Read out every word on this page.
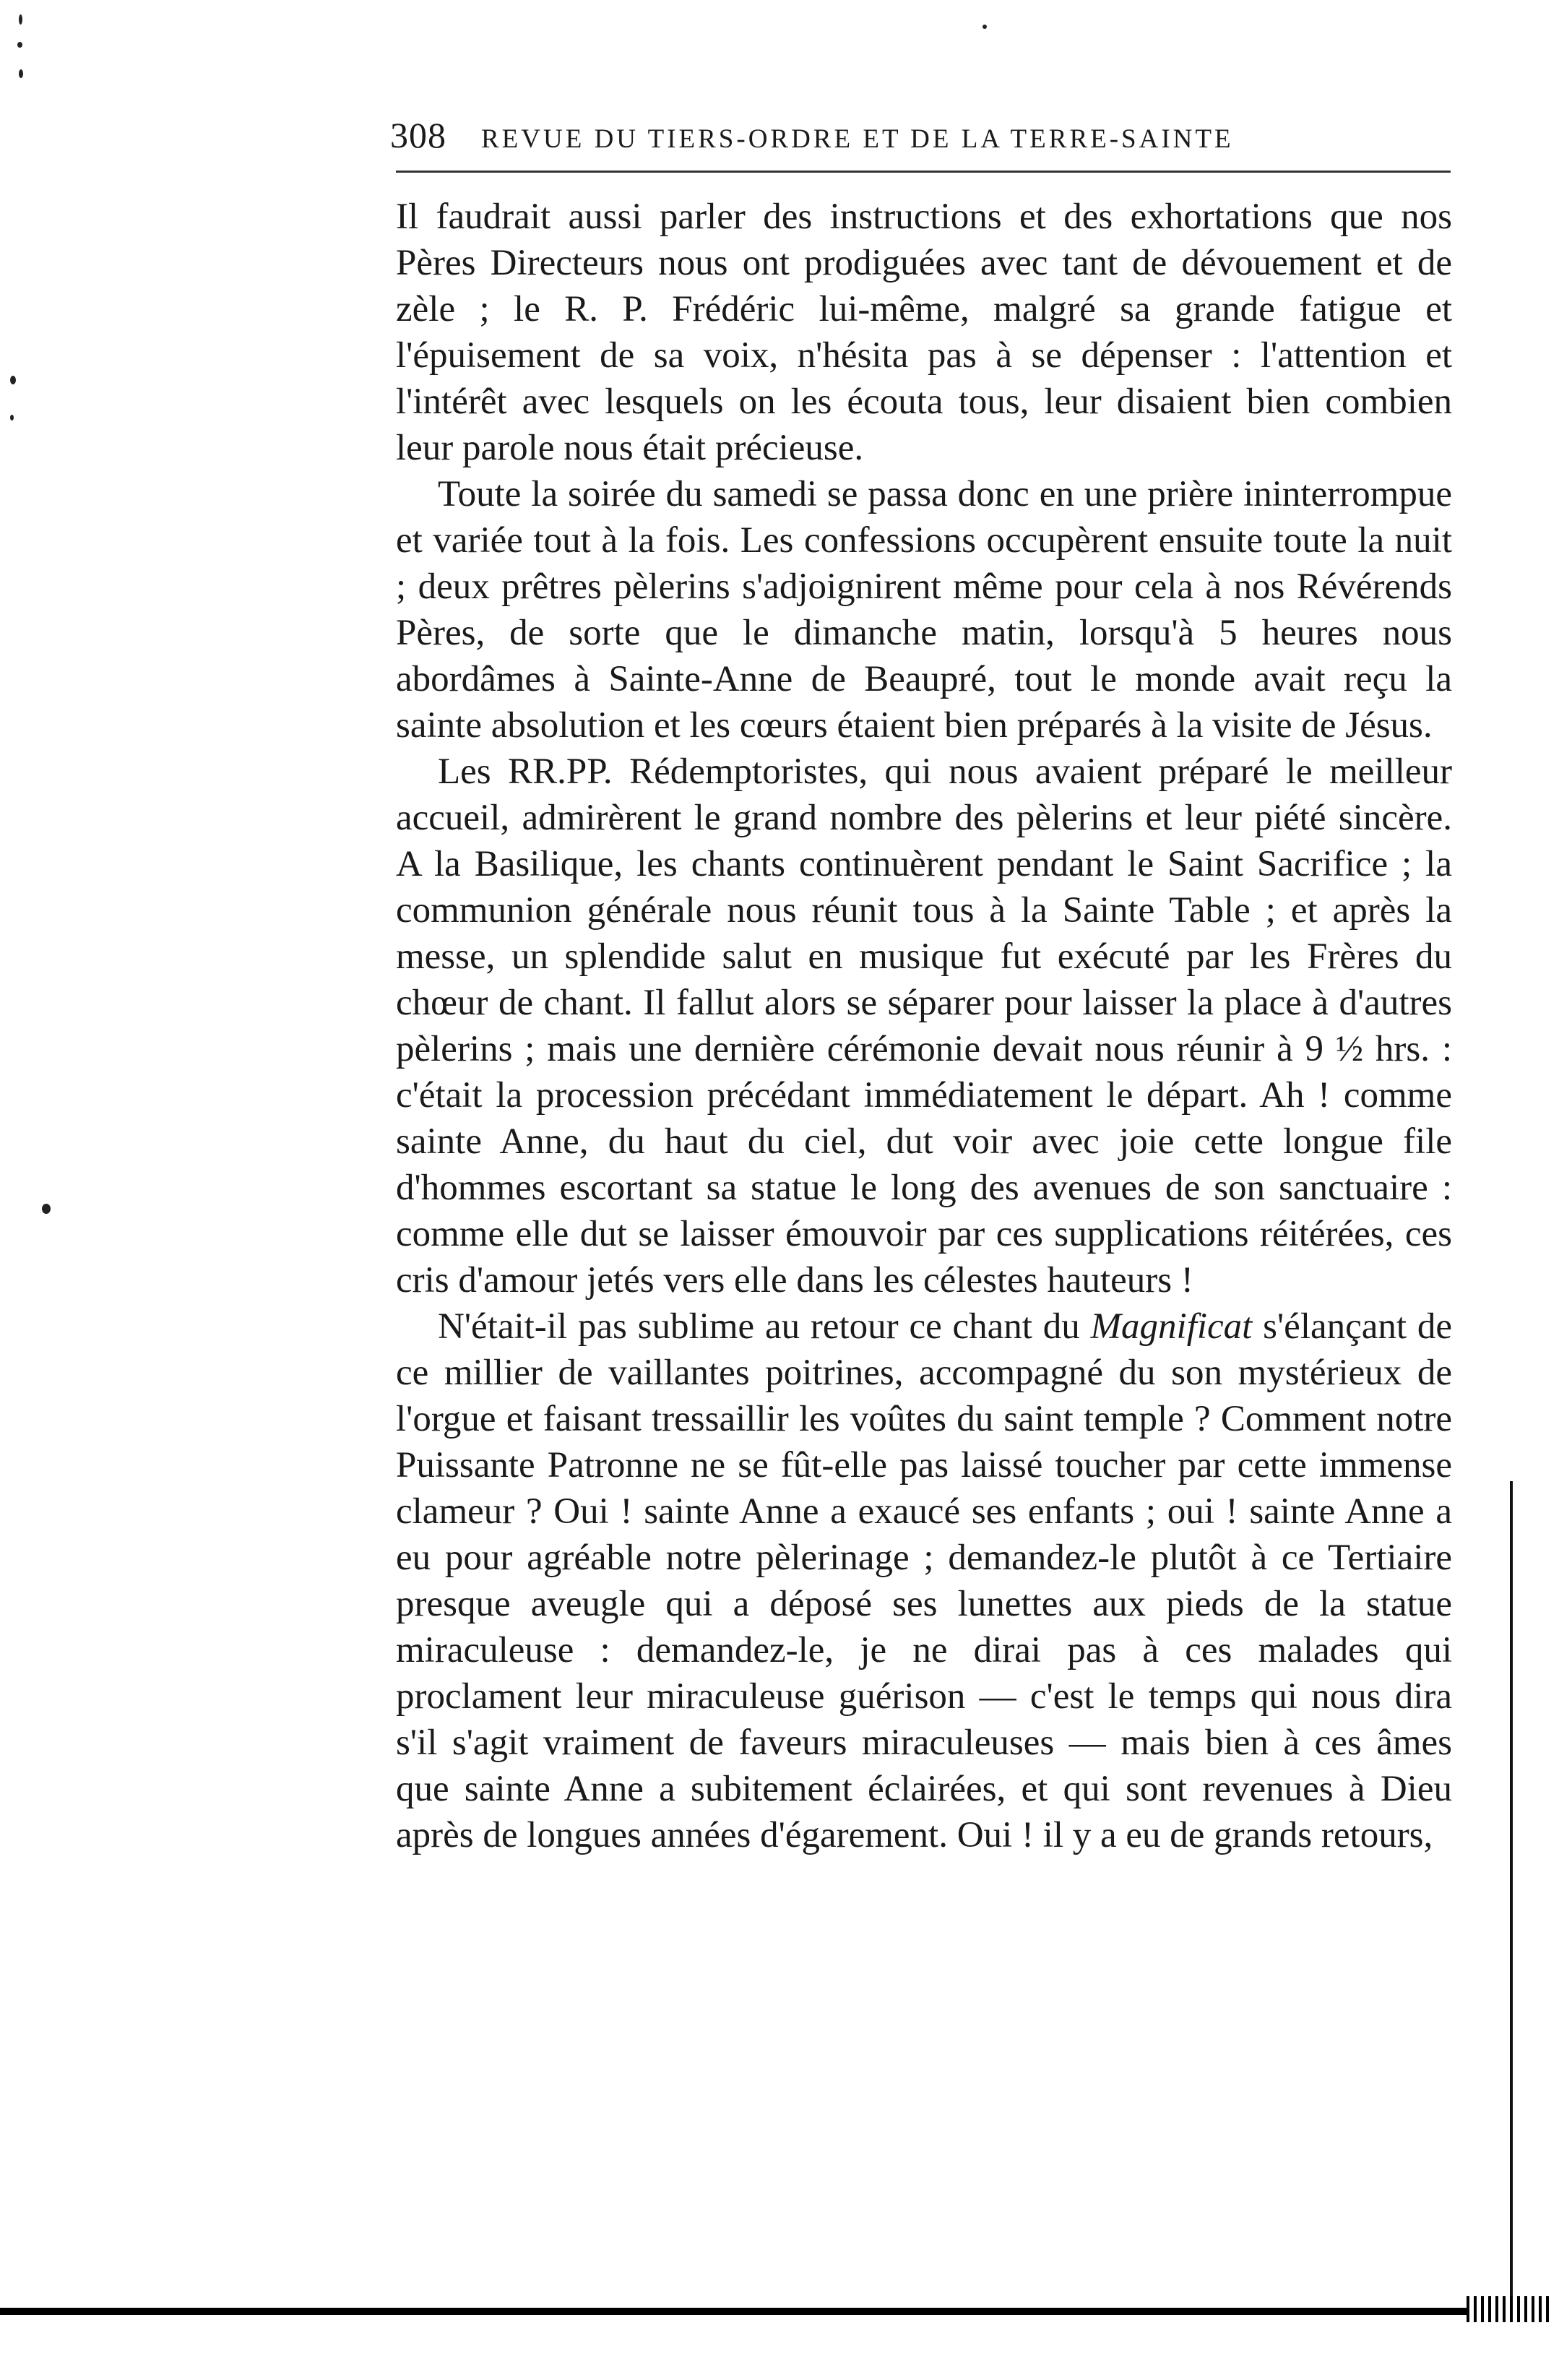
308 REVUE DU TIERS-ORDRE ET DE LA TERRE-SAINTE

Il faudrait aussi parler des instructions et des exhortations que nos Pères Directeurs nous ont prodiguées avec tant de dévouement et de zèle ; le R. P. Frédéric lui-même, malgré sa grande fatigue et l'épuisement de sa voix, n'hésita pas à se dépenser : l'attention et l'intérêt avec lesquels on les écouta tous, leur disaient bien combien leur parole nous était précieuse.

Toute la soirée du samedi se passa donc en une prière ininterrompue et variée tout à la fois. Les confessions occupèrent ensuite toute la nuit ; deux prêtres pèlerins s'adjoignirent même pour cela à nos Révérends Pères, de sorte que le dimanche matin, lorsqu'à 5 heures nous abordâmes à Sainte-Anne de Beaupré, tout le monde avait reçu la sainte absolution et les cœurs étaient bien préparés à la visite de Jésus.

Les RR.PP. Rédemptoristes, qui nous avaient préparé le meilleur accueil, admirèrent le grand nombre des pèlerins et leur piété sincère. A la Basilique, les chants continuèrent pendant le Saint Sacrifice ; la communion générale nous réunit tous à la Sainte Table ; et après la messe, un splendide salut en musique fut exécuté par les Frères du chœur de chant. Il fallut alors se séparer pour laisser la place à d'autres pèlerins ; mais une dernière cérémonie devait nous réunir à 9 ½ hrs. : c'était la procession précédant immédiatement le départ. Ah ! comme sainte Anne, du haut du ciel, dut voir avec joie cette longue file d'hommes escortant sa statue le long des avenues de son sanctuaire : comme elle dut se laisser émouvoir par ces supplications réitérées, ces cris d'amour jetés vers elle dans les célestes hauteurs !

N'était-il pas sublime au retour ce chant du Magnificat s'élançant de ce millier de vaillantes poitrines, accompagné du son mystérieux de l'orgue et faisant tressaillir les voûtes du saint temple ? Comment notre Puissante Patronne ne se fût-elle pas laissé toucher par cette immense clameur ? Oui ! sainte Anne a exaucé ses enfants ; oui ! sainte Anne a eu pour agréable notre pèlerinage ; demandez-le plutôt à ce Tertiaire presque aveugle qui a déposé ses lunettes aux pieds de la statue miraculeuse : demandez-le, je ne dirai pas à ces malades qui proclament leur miraculeuse guérison — c'est le temps qui nous dira s'il s'agit vraiment de faveurs miraculeuses — mais bien à ces âmes que sainte Anne a subitement éclairées, et qui sont revenues à Dieu après de longues années d'égarement. Oui ! il y a eu de grands retours,
